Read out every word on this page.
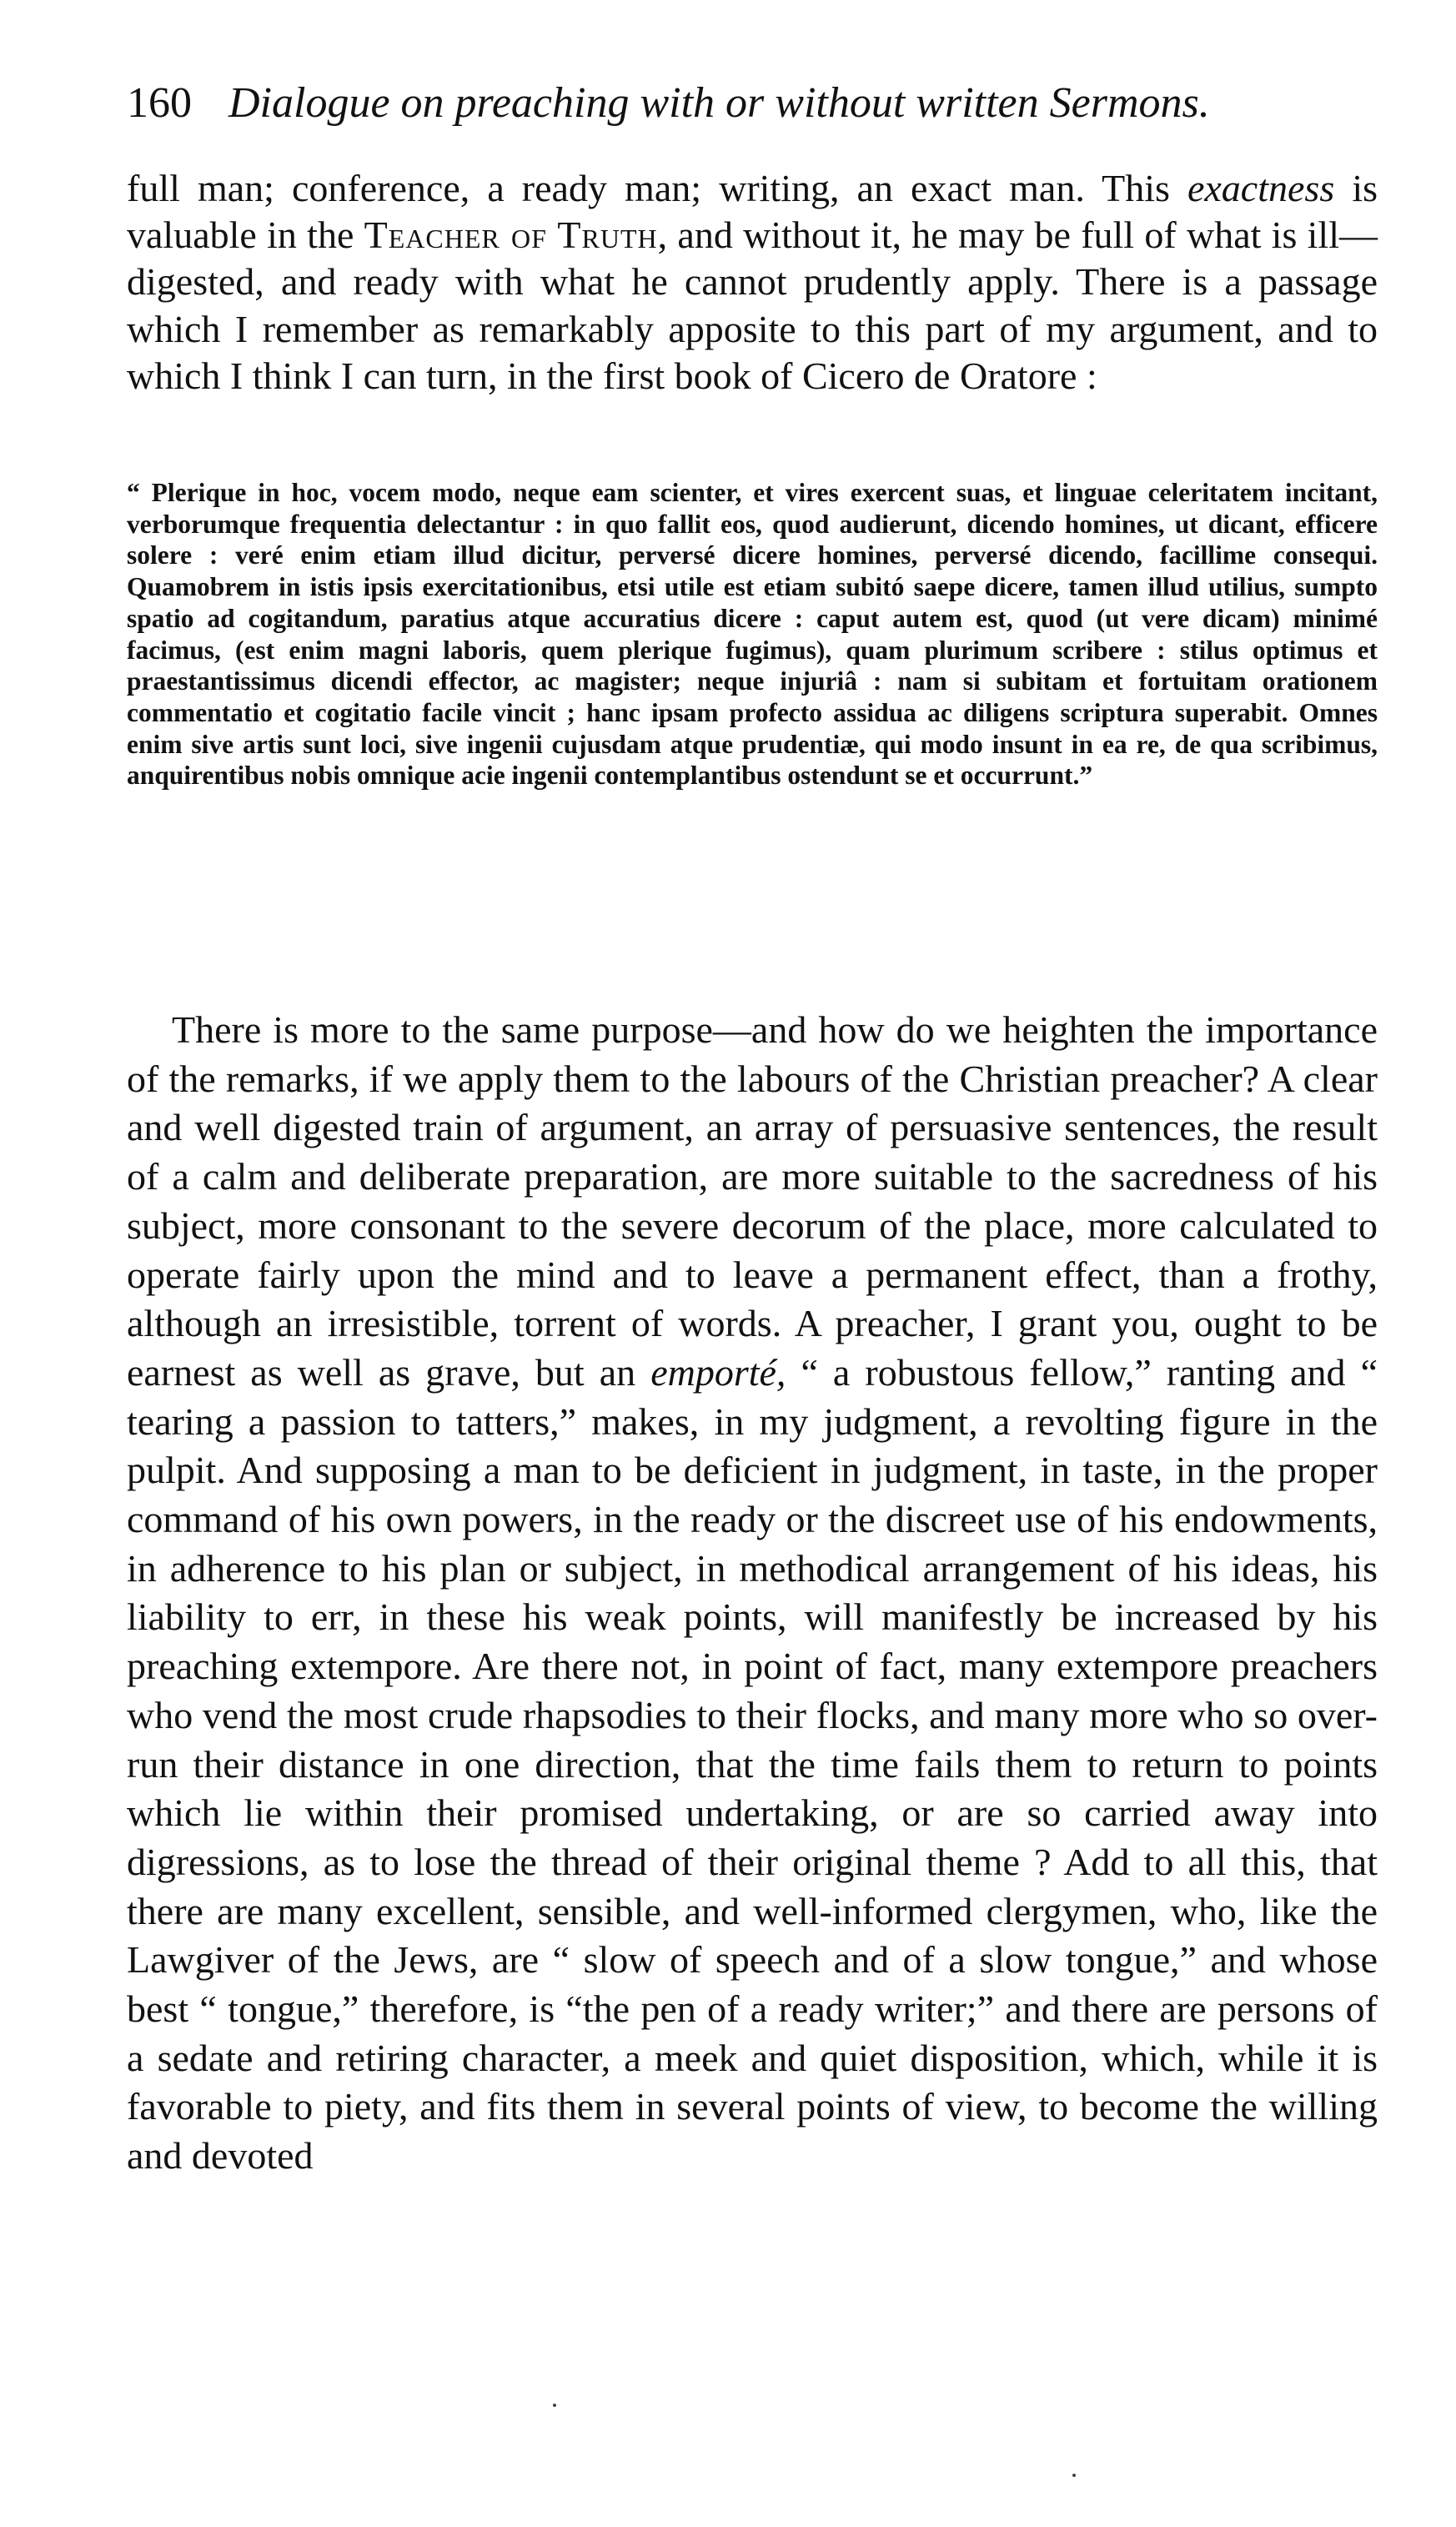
160 Dialogue on preaching with or without written Sermons.
full man; conference, a ready man; writing, an exact man. This exactness is valuable in the Teacher of Truth, and without it, he may be full of what is ill—digested, and ready with what he cannot prudently apply. There is a passage which I remember as remarkably apposite to this part of my argument, and to which I think I can turn, in the first book of Cicero de Oratore :
“ Plerique in hoc, vocem modo, neque eam scienter, et vires exercent suas, et linguae celeritatem incitant, verborumque frequentia delectantur : in quo fallit eos, quod audierunt, dicendo homines, ut dicant, efficere solere : veré enim etiam illud dicitur, perversé dicere homines, perversé dicendo, facillime consequi. Quamobrem in istis ipsis exercitationibus, etsi utile est etiam subitó saepe dicere, tamen illud utilius, sumpto spatio ad cogitandum, paratius atque accuratius dicere : caput autem est, quod (ut vere dicam) minimé facimus, (est enim magni laboris, quem plerique fugimus), quam plurimum scribere : stilus optimus et praestantissimus dicendi effector, ac magister; neque injuriâ : nam si subitam et fortuitam orationem commentatio et cogitatio facile vincit ; hanc ipsam profecto assidua ac diligens scriptura superabit. Omnes enim sive artis sunt loci, sive ingenii cujusdam atque prudentiæ, qui modo insunt in ea re, de qua scribimus, anquirentibus nobis omnique acie ingenii contemplantibus ostendunt se et occurrunt.”
There is more to the same purpose—and how do we heighten the importance of the remarks, if we apply them to the labours of the Christian preacher? A clear and well digested train of argument, an array of persuasive sentences, the result of a calm and deliberate preparation, are more suitable to the sacredness of his subject, more consonant to the severe decorum of the place, more calculated to operate fairly upon the mind and to leave a permanent effect, than a frothy, although an irresistible, torrent of words. A preacher, I grant you, ought to be earnest as well as grave, but an emporté, “ a robustous fellow,” ranting and “ tearing a passion to tatters,” makes, in my judgment, a revolting figure in the pulpit. And supposing a man to be deficient in judgment, in taste, in the proper command of his own powers, in the ready or the discreet use of his endowments, in adherence to his plan or subject, in methodical arrangement of his ideas, his liability to err, in these his weak points, will manifestly be increased by his preaching extempore. Are there not, in point of fact, many extempore preachers who vend the most crude rhapsodies to their flocks, and many more who so over-run their distance in one direction, that the time fails them to return to points which lie within their promised undertaking, or are so carried away into digressions, as to lose the thread of their original theme ? Add to all this, that there are many excellent, sensible, and well-informed clergymen, who, like the Lawgiver of the Jews, are “ slow of speech and of a slow tongue,” and whose best “ tongue,” therefore, is “the pen of a ready writer;” and there are persons of a sedate and retiring character, a meek and quiet disposition, which, while it is favorable to piety, and fits them in several points of view, to become the willing and devoted
